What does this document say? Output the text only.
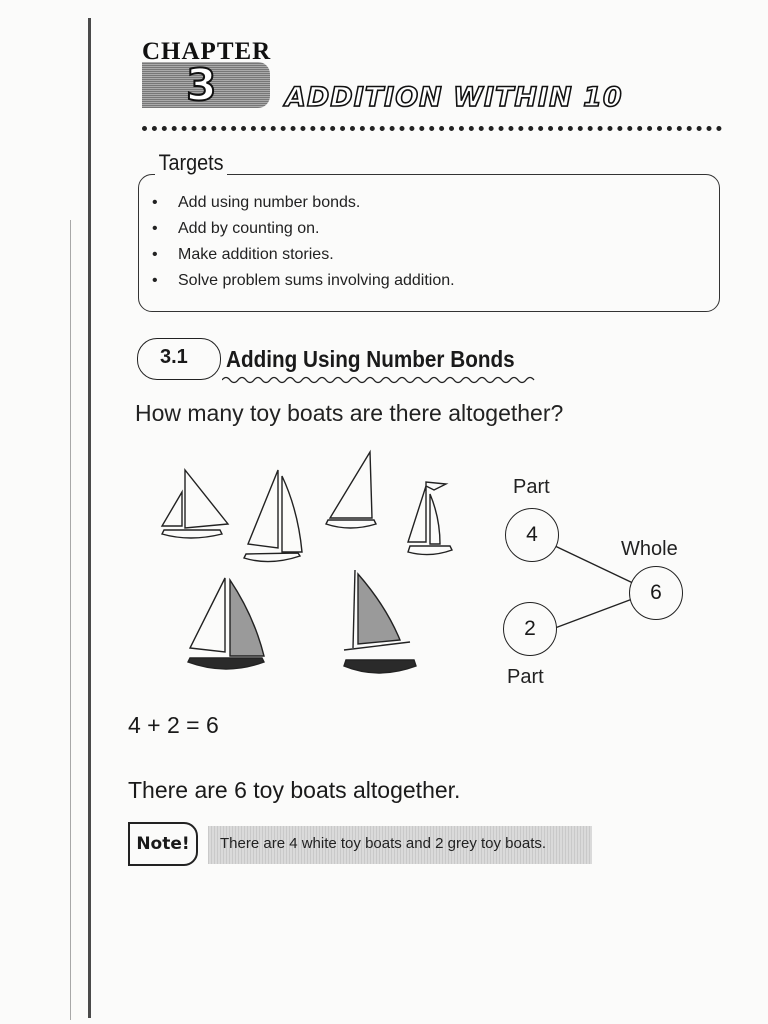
CHAPTER
3	ADDITION WITHIN 10
Targets
• Add using number bonds.
• Add by counting on.
• Make addition stories.
• Solve problem sums involving addition.
3.1 Adding Using Number Bonds
How many toy boats are there altogether?
Part
4
Whole
6
2
Part
4 + 2 = 6
There are 6 toy boats altogether.
Note! There are 4 white toy boats and 2 grey toy boats.
